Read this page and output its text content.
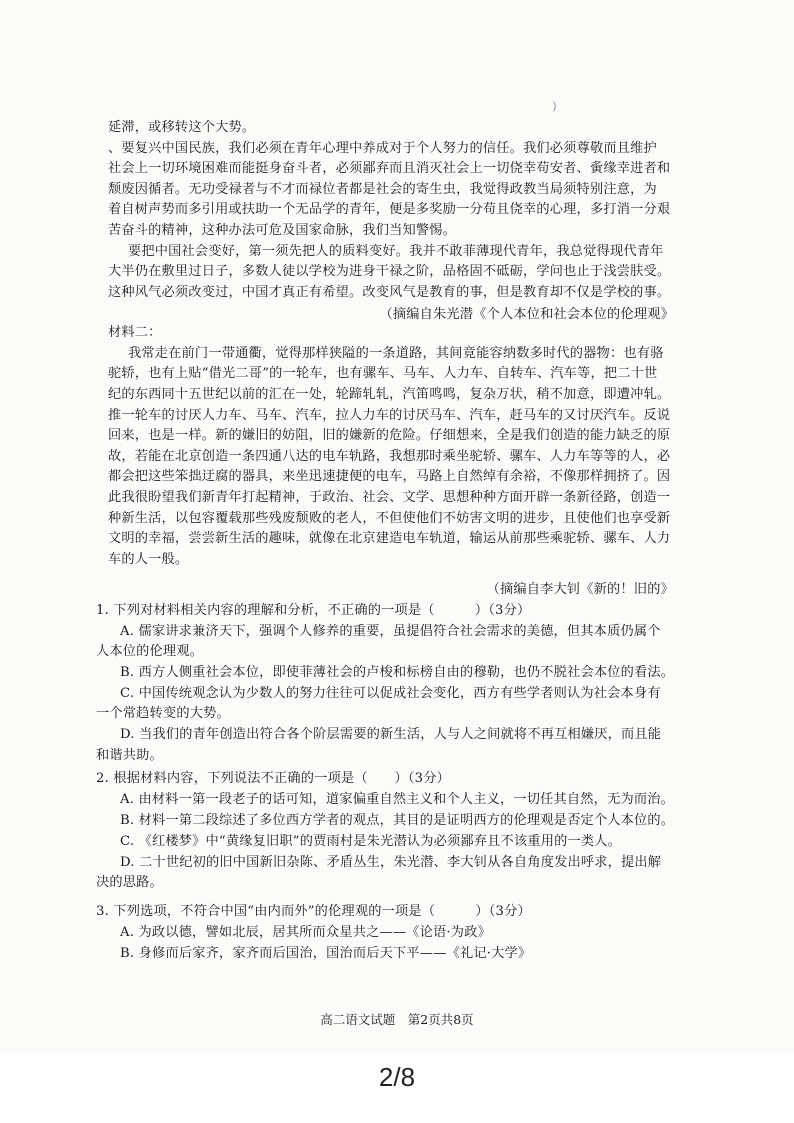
⁾
延滞，或移转这个大势。
、要复兴中国民族，我们必须在青年心理中养成对于个人努力的信任。我们必须尊敬而且维护
社会上一切环境困难而能挺身奋斗者，必须鄙弃而且消灭社会上一切侥幸苟安者、夤缘幸进者和
颓废因循者。无功受禄者与不才而禄位者都是社会的寄生虫，我觉得政教当局须特别注意，为
着自树声势而多引用或扶助一个无品学的青年，便是多奖励一分苟且侥幸的心理，多打消一分艰
苦奋斗的精神，这种办法可危及国家命脉，我们当知警惕。
要把中国社会变好，第一须先把人的质料变好。我并不敢菲薄现代青年，我总觉得现代青年
大半仍在敷里过日子，多数人徒以学校为进身干禄之阶，品格固不砥砺，学问也止于浅尝肤受。
这种风气必须改变过，中国才真正有希望。改变风气是教育的事，但是教育却不仅是学校的事。
（摘编自朱光潜《个人本位和社会本位的伦理观》
材料二：
我常走在前门一带通衢，觉得那样狭隘的一条道路，其间竟能容纳数多时代的器物：也有骆
驼轿，也有上贴“借光二哥”的一轮车，也有骡车、马车、人力车、自转车、汽车等，把二十世
纪的东西同十五世纪以前的汇在一处，轮蹄轧轧，汽笛鸣鸣，复杂万状，稍不加意，即遭冲轧。
推一轮车的讨厌人力车、马车、汽车，拉人力车的讨厌马车、汽车，赶马车的又讨厌汽车。反说
回来，也是一样。新的嫌旧的妨阻，旧的嫌新的危险。仔细想来，全是我们创造的能力缺乏的原
故，若能在北京创造一条四通八达的电车轨路，我想那时乘坐驼轿、骡车、人力车等等的人，必
都会把这些笨拙迂腐的器具，来坐迅速捷便的电车，马路上自然绰有余裕，不像那样拥挤了。因
此我很盼望我们新青年打起精神，于政治、社会、文学、思想种种方面开辟一条新径路，创造一
种新生活，以包容覆载那些残废颓败的老人，不但使他们不妨害文明的进步，且使他们也享受新
文明的幸福，尝尝新生活的趣味，就像在北京建造电车轨道，输运从前那些乘驼轿、骡车、人力
车的人一般。
（摘编自李大钊《新的！旧的》
1. 下列对材料相关内容的理解和分析，不正确的一项是（　　　）（3分）
A. 儒家讲求兼济天下，强调个人修养的重要，虽提倡符合社会需求的美德，但其本质仍属个
人本位的伦理观。
B. 西方人侧重社会本位，即使菲薄社会的卢梭和标榜自由的穆勒，也仍不脱社会本位的看法。
C. 中国传统观念认为少数人的努力往往可以促成社会变化，西方有些学者则认为社会本身有
一个常趋转变的大势。
D. 当我们的青年创造出符合各个阶层需要的新生活，人与人之间就将不再互相嫌厌，而且能
和谐共助。
2. 根据材料内容，下列说法不正确的一项是（　　）（3分）
A. 由材料一第一段老子的话可知，道家偏重自然主义和个人主义，一切任其自然，无为而治。
B. 材料一第二段综述了多位西方学者的观点，其目的是证明西方的伦理观是否定个人本位的。
C. 《红楼梦》中“黄缘复旧职”的贾雨村是朱光潜认为必须鄙弃且不该重用的一类人。
D. 二十世纪初的旧中国新旧杂陈、矛盾丛生，朱光潜、李大钊从各自角度发出呼求，提出解
决的思路。
3. 下列选项，不符合中国“由内而外”的伦理观的一项是（　　　）（3分）
A. 为政以德，譬如北辰，居其所而众星共之——《论语·为政》
B. 身修而后家齐，家齐而后国治，国治而后天下平——《礼记·大学》
高二语文试题　第2页共8页
2/8
